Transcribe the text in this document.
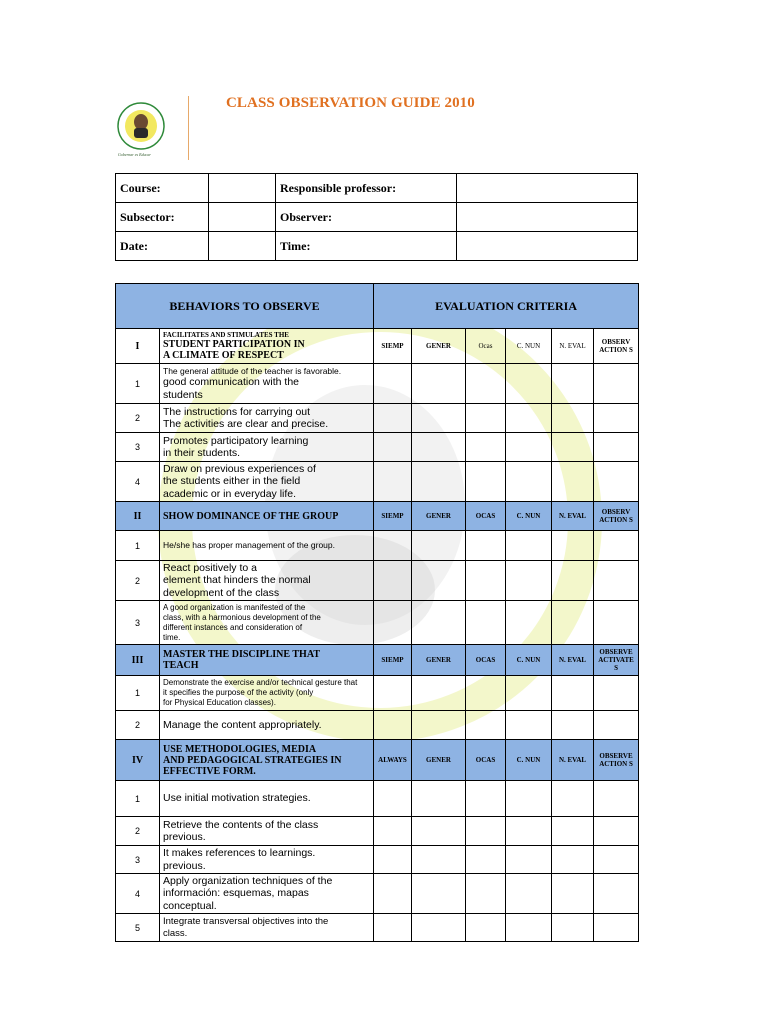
Gobernar es Educar
CLASS OBSERVATION GUIDE 2010
Course:		Responsible professor:	
Subsector:		Observer:	
Date:		Time:	
BEHAVIORS TO OBSERVE		EVALUATION CRITERIA					
I	FACILITATES AND STIMULATES THE
STUDENT PARTICIPATION IN
A CLIMATE OF RESPECT	SIEMP	GENER	Ocas	C. NUN	N. EVAL	OBSERV ACTION S
1	The general attitude of the teacher is favorable.
good communication with the
students						

2	The instructions for carrying out
The activities are clear and precise.						

3	Promotes participatory learning
in their students.						

4	Draw on previous experiences of
the students either in the field
academic or in everyday life.						

II	SHOW DOMINANCE OF THE GROUP	SIEMP	GENER	OCAS	C. NUN	N. EVAL	OBSERV ACTION S
1	He/she has proper management of the group.						
2	React positively to a
element that hinders the normal
development of the class						

3	A good organization is manifested of the
class, with a harmonious development of the
different instances and consideration of
time.						

III	MASTER THE DISCIPLINE THAT
TEACH	SIEMP	GENER	OCAS	C. NUN	N. EVAL	OBSERVE ACTIVATE S
1	Demonstrate the exercise and/or technical gesture that
it specifies the purpose of the activity (only
for Physical Education classes).						

2	Manage the content appropriately.						
IV	USE METHODOLOGIES, MEDIA
AND PEDAGOGICAL STRATEGIES IN
EFFECTIVE FORM.	ALWAYS	GENER	OCAS	C. NUN	N. EVAL	OBSERVE ACTION S
1	Use initial motivation strategies.						
2	Retrieve the contents of the class
previous.						

3	It makes references to learnings.
previous.						

4	Apply organization techniques of the
información: esquemas, mapas
conceptual.						

5	Integrate transversal objectives into the
class.						
